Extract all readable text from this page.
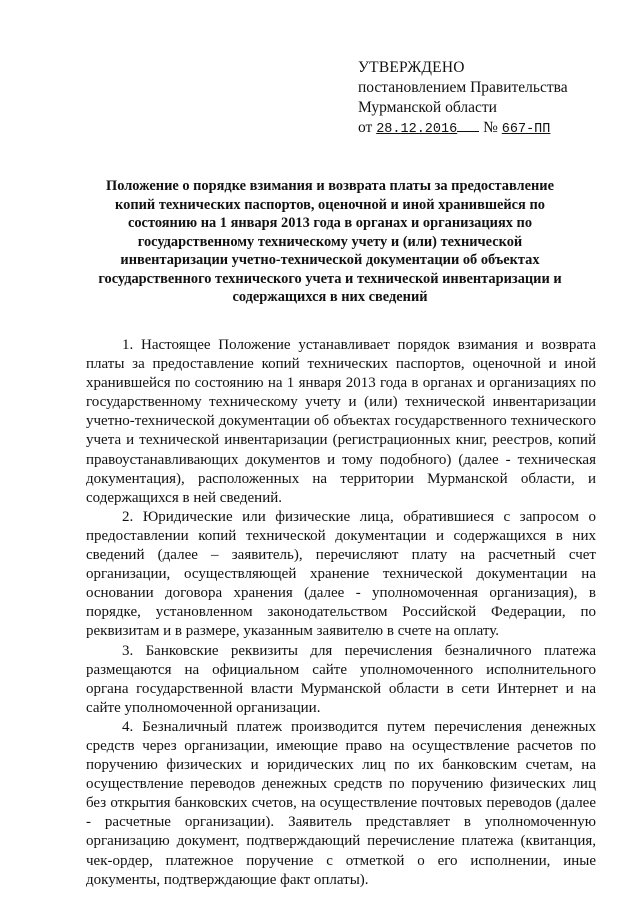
УТВЕРЖДЕНО
постановлением Правительства
Мурманской области
от 28.12.2016 № 667-ПП
Положение о порядке взимания и возврата платы за предоставление копий технических паспортов, оценочной и иной хранившейся по состоянию на 1 января 2013 года в органах и организациях по государственному техническому учету и (или) технической инвентаризации учетно-технической документации об объектах государственного технического учета и технической инвентаризации и содержащихся в них сведений

1. Настоящее Положение устанавливает порядок взимания и возврата платы за предоставление копий технических паспортов, оценочной и иной хранившейся по состоянию на 1 января 2013 года в органах и организациях по государственному техническому учету и (или) технической инвентаризации учетно-технической документации об объектах государственного технического учета и технической инвентаризации (регистрационных книг, реестров, копий правоустанавливающих документов и тому подобного) (далее - техническая документация), расположенных на территории Мурманской области, и содержащихся в ней сведений.

2. Юридические или физические лица, обратившиеся с запросом о предоставлении копий технической документации и содержащихся в них сведений (далее – заявитель), перечисляют плату на расчетный счет организации, осуществляющей хранение технической документации на основании договора хранения (далее - уполномоченная организация), в порядке, установленном законодательством Российской Федерации, по реквизитам и в размере, указанным заявителю в счете на оплату.

3. Банковские реквизиты для перечисления безналичного платежа размещаются на официальном сайте уполномоченного исполнительного органа государственной власти Мурманской области в сети Интернет и на сайте уполномоченной организации.

4. Безналичный платеж производится путем перечисления денежных средств через организации, имеющие право на осуществление расчетов по поручению физических и юридических лиц по их банковским счетам, на осуществление переводов денежных средств по поручению физических лиц без открытия банковских счетов, на осуществление почтовых переводов (далее - расчетные организации). Заявитель представляет в уполномоченную организацию документ, подтверждающий перечисление платежа (квитанция, чек-ордер, платежное поручение с отметкой о его исполнении, иные документы, подтверждающие факт оплаты).
